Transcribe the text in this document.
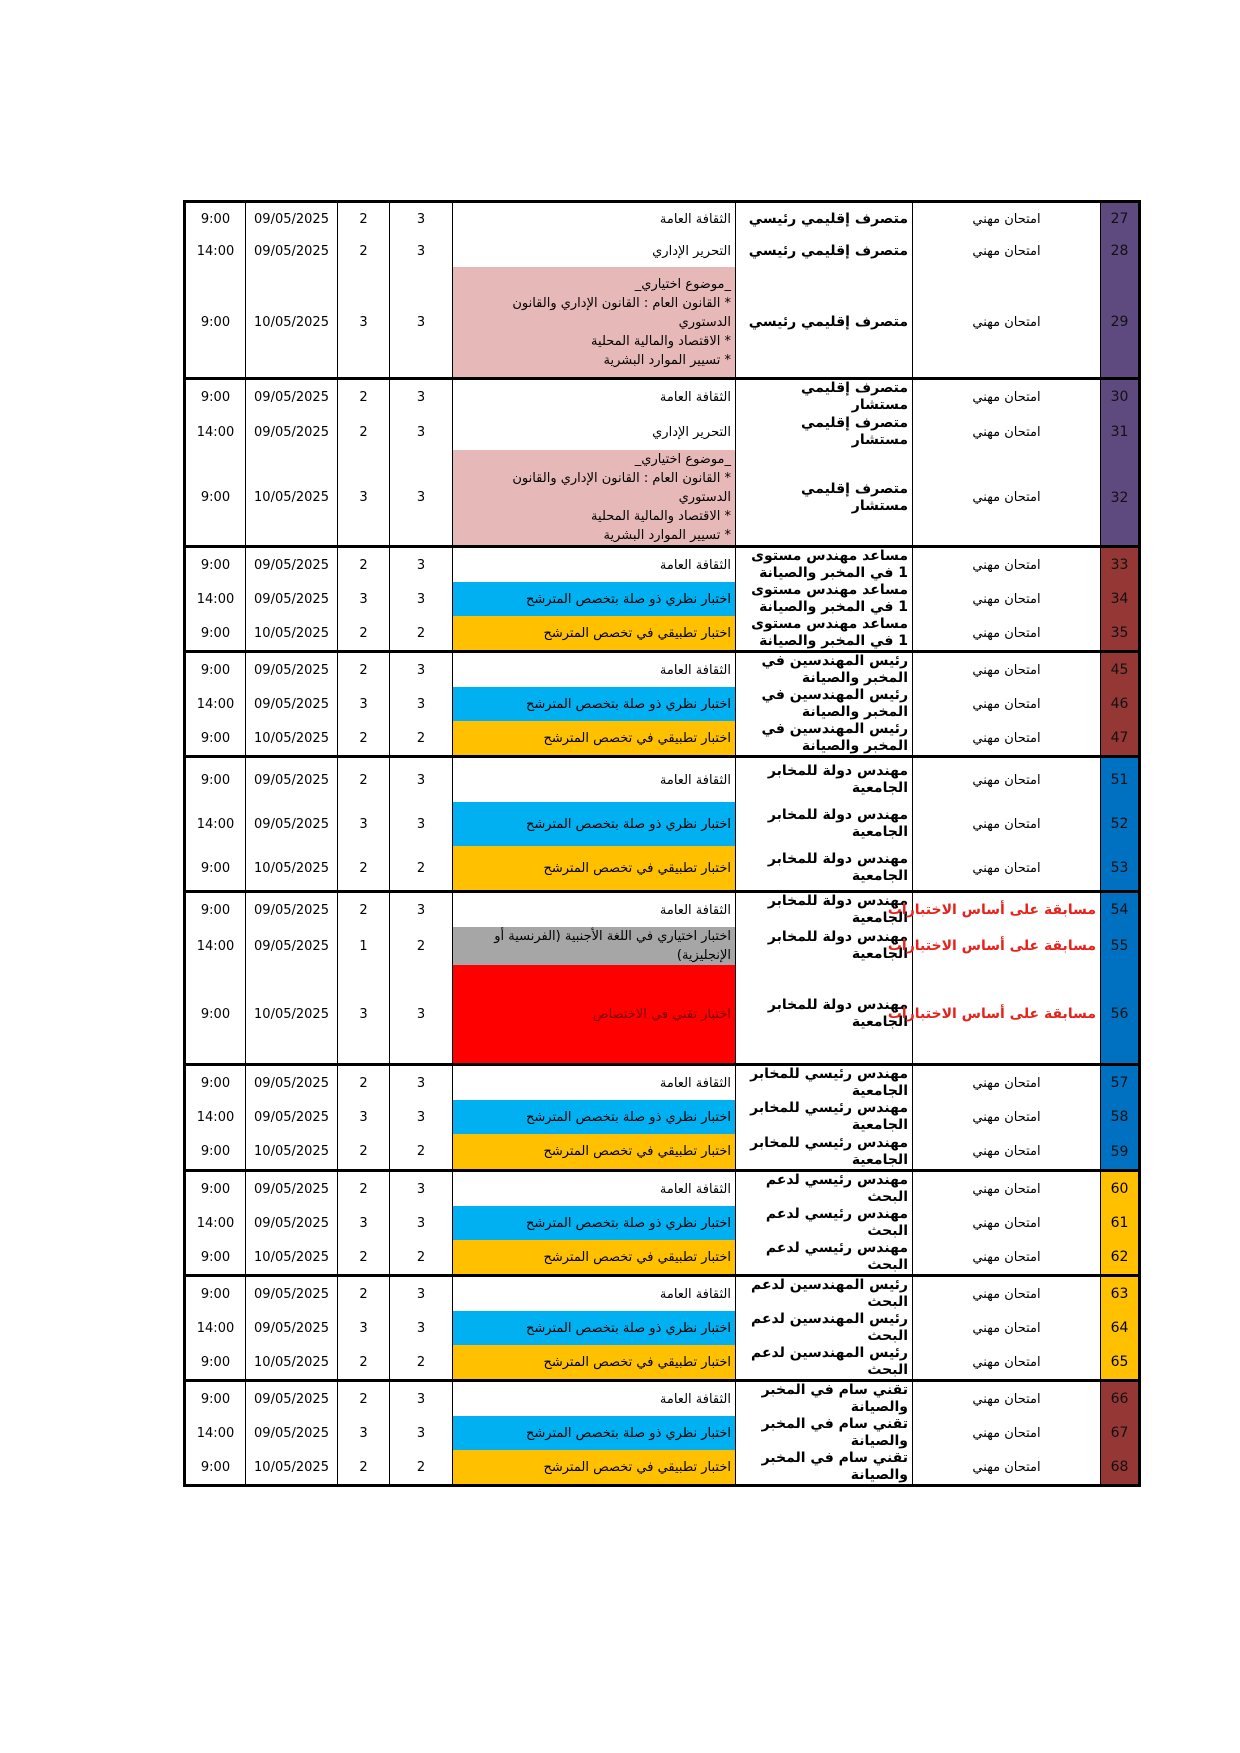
9:00	09/05/2025	2	3	الثقافة العامة	متصرف إقليمي رئيسي	امتحان مهني	27
14:00	09/05/2025	2	3	التحرير الإداري	متصرف إقليمي رئيسي	امتحان مهني	28
9:00	10/05/2025	3	3	_موضوع اختياري_
* القانون العام : القانون الإداري والقانون الدستوري
* الاقتصاد والمالية المحلية
* تسيير الموارد البشرية	متصرف إقليمي رئيسي	امتحان مهني	29
9:00	09/05/2025	2	3	الثقافة العامة	متصرف إقليمي مستشار	امتحان مهني	30
14:00	09/05/2025	2	3	التحرير الإداري	متصرف إقليمي مستشار	امتحان مهني	31
9:00	10/05/2025	3	3	_موضوع اختياري_
* القانون العام : القانون الإداري والقانون الدستوري
* الاقتصاد والمالية المحلية
* تسيير الموارد البشرية	متصرف إقليمي مستشار	امتحان مهني	32
9:00	09/05/2025	2	3	الثقافة العامة	مساعد مهندس مستوى 1 في المخبر والصيانة	امتحان مهني	33
14:00	09/05/2025	3	3	اختبار نظري ذو صلة بتخصص المترشح	مساعد مهندس مستوى 1 في المخبر والصيانة	امتحان مهني	34
9:00	10/05/2025	2	2	اختبار تطبيقي في تخصص المترشح	مساعد مهندس مستوى 1 في المخبر والصيانة	امتحان مهني	35
9:00	09/05/2025	2	3	الثقافة العامة	رئيس المهندسين في المخبر والصيانة	امتحان مهني	45
14:00	09/05/2025	3	3	اختبار نظري ذو صلة بتخصص المترشح	رئيس المهندسين في المخبر والصيانة	امتحان مهني	46
9:00	10/05/2025	2	2	اختبار تطبيقي في تخصص المترشح	رئيس المهندسين في المخبر والصيانة	امتحان مهني	47
9:00	09/05/2025	2	3	الثقافة العامة	مهندس دولة للمخابر الجامعية	امتحان مهني	51
14:00	09/05/2025	3	3	اختبار نظري ذو صلة بتخصص المترشح	مهندس دولة للمخابر الجامعية	امتحان مهني	52
9:00	10/05/2025	2	2	اختبار تطبيقي في تخصص المترشح	مهندس دولة للمخابر الجامعية	امتحان مهني	53
9:00	09/05/2025	2	3	الثقافة العامة	مهندس دولة للمخابر الجامعية	مسابقة على أساس الاختبارات	54
14:00	09/05/2025	1	2	اختبار اختياري في اللغة الأجنبية (الفرنسية أو الإنجليزية)	مهندس دولة للمخابر الجامعية	مسابقة على أساس الاختبارات	55
9:00	10/05/2025	3	3	اختبار تقني في الاختصاص	مهندس دولة للمخابر الجامعية	مسابقة على أساس الاختبارات	56
9:00	09/05/2025	2	3	الثقافة العامة	مهندس رئيسي للمخابر الجامعية	امتحان مهني	57
14:00	09/05/2025	3	3	اختبار نظري ذو صلة بتخصص المترشح	مهندس رئيسي للمخابر الجامعية	امتحان مهني	58
9:00	10/05/2025	2	2	اختبار تطبيقي في تخصص المترشح	مهندس رئيسي للمخابر الجامعية	امتحان مهني	59
9:00	09/05/2025	2	3	الثقافة العامة	مهندس رئيسي لدعم البحث	امتحان مهني	60
14:00	09/05/2025	3	3	اختبار نظري ذو صلة بتخصص المترشح	مهندس رئيسي لدعم البحث	امتحان مهني	61
9:00	10/05/2025	2	2	اختبار تطبيقي في تخصص المترشح	مهندس رئيسي لدعم البحث	امتحان مهني	62
9:00	09/05/2025	2	3	الثقافة العامة	رئيس المهندسين لدعم البحث	امتحان مهني	63
14:00	09/05/2025	3	3	اختبار نظري ذو صلة بتخصص المترشح	رئيس المهندسين لدعم البحث	امتحان مهني	64
9:00	10/05/2025	2	2	اختبار تطبيقي في تخصص المترشح	رئيس المهندسين لدعم البحث	امتحان مهني	65
9:00	09/05/2025	2	3	الثقافة العامة	تقني سام في المخبر والصيانة	امتحان مهني	66
14:00	09/05/2025	3	3	اختبار نظري ذو صلة بتخصص المترشح	تقني سام في المخبر والصيانة	امتحان مهني	67
9:00	10/05/2025	2	2	اختبار تطبيقي في تخصص المترشح	تقني سام في المخبر والصيانة	امتحان مهني	68
